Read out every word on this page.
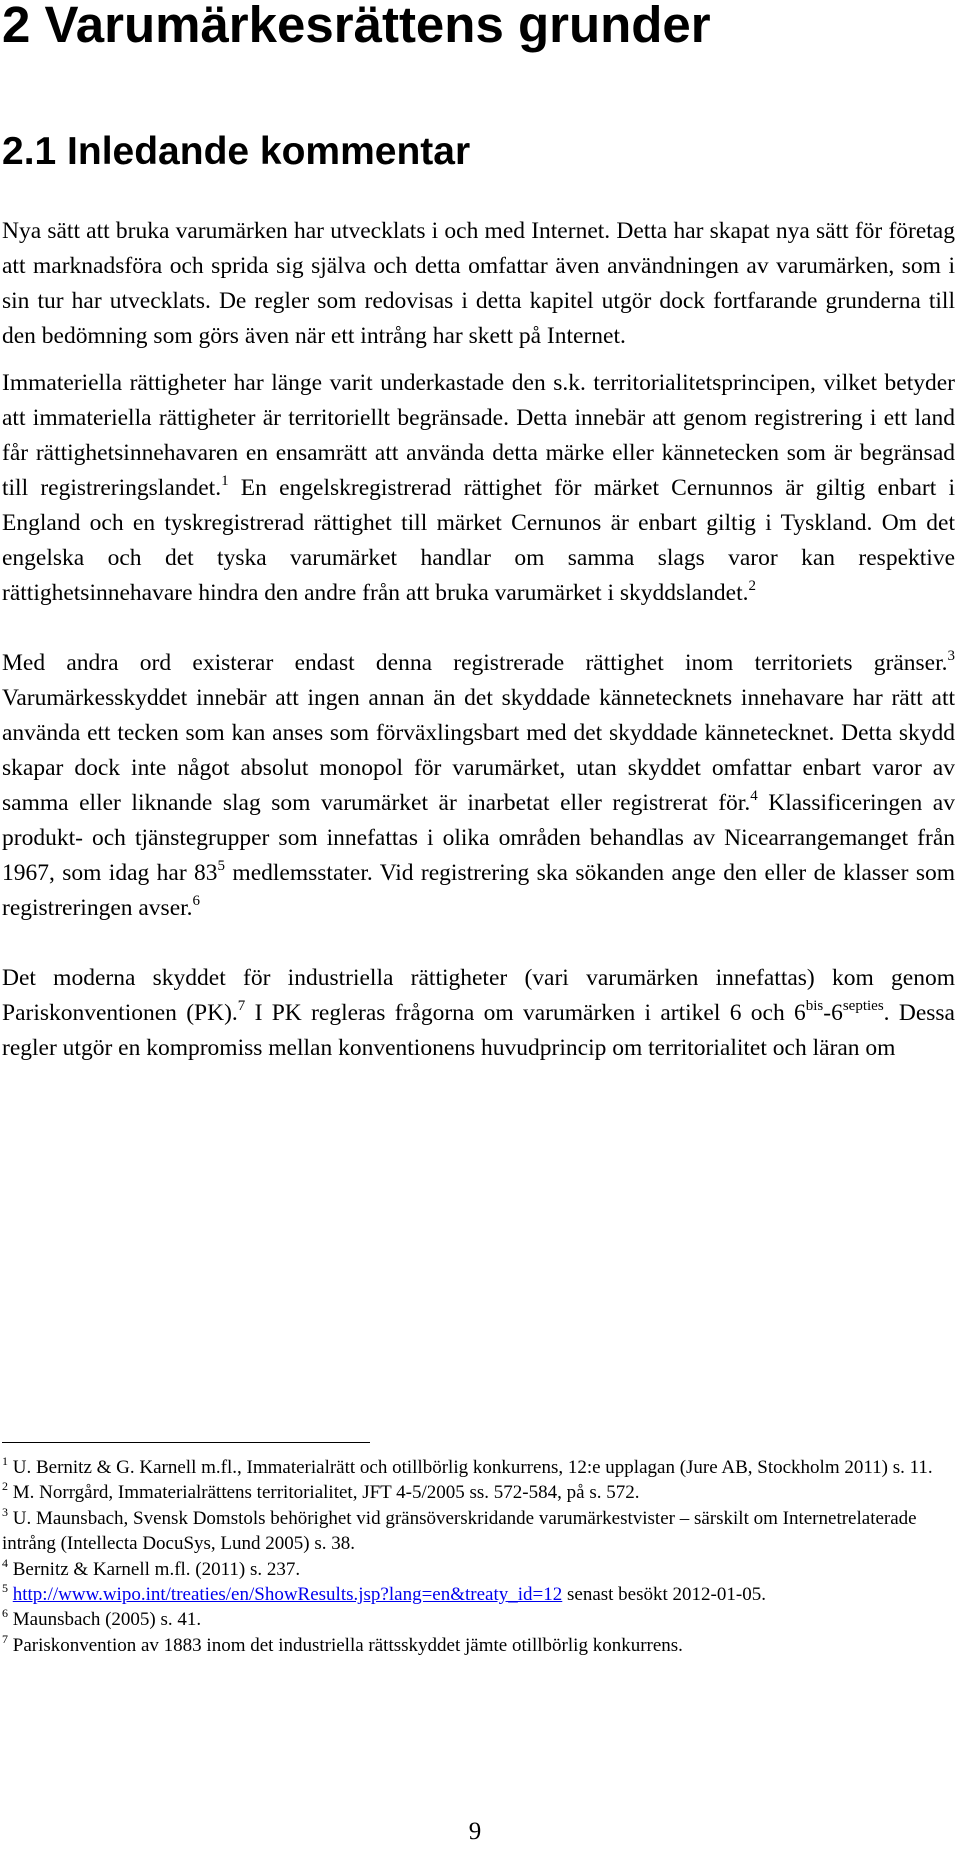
2 Varumärkesrättens grunder
2.1 Inledande kommentar

Nya sätt att bruka varumärken har utvecklats i och med Internet. Detta har skapat nya sätt för företag att marknadsföra och sprida sig själva och detta omfattar även användningen av varumärken, som i sin tur har utvecklats. De regler som redovisas i detta kapitel utgör dock fortfarande grunderna till den bedömning som görs även när ett intrång har skett på Internet.

Immateriella rättigheter har länge varit underkastade den s.k. territorialitetsprincipen, vilket betyder att immateriella rättigheter är territoriellt begränsade. Detta innebär att genom registrering i ett land får rättighetsinnehavaren en ensamrätt att använda detta märke eller kännetecken som är begränsad till registreringslandet.$^1$ En engelskregistrerad rättighet för märket Cernunnos är giltig enbart i England och en tyskregistrerad rättighet till märket Cernunos är enbart giltig i Tyskland. Om det engelska och det tyska varumärket handlar om samma slags varor kan respektive rättighetsinnehavare hindra den andre från att bruka varumärket i skyddslandet.$^2$

Med andra ord existerar endast denna registrerade rättighet inom territoriets gränser.$^3$ Varumärkesskyddet innebär att ingen annan än det skyddade kännetecknets innehavare har rätt att använda ett tecken som kan anses som förväxlingsbart med det skyddade kännetecknet. Detta skydd skapar dock inte något absolut monopol för varumärket, utan skyddet omfattar enbart varor av samma eller liknande slag som varumärket är inarbetat eller registrerat för.$^4$ Klassificeringen av produkt- och tjänstegrupper som innefattas i olika områden behandlas av Nicearrangemanget från 1967, som idag har $83^5$ medlemsstater. Vid registrering ska sökanden ange den eller de klasser som registreringen avser.$^6$

Det moderna skyddet för industriella rättigheter (vari varumärken innefattas) kom genom Pariskonventionen (PK).$^7$ I PK regleras frågorna om varumärken i artikel 6 och $6^{bis}-6^{septies}$. Dessa regler utgör en kompromiss mellan konventionens huvudprincip om territorialitet och läran om

$^1$ U. Bernitz & G. Karnell m.fl., Immaterialrätt och otillbörlig konkurrens, 12:e upplagan (Jure AB, Stockholm 2011) s. 11.
$^2$ M. Norrgård, Immaterialrättens territorialitet, JFT 4-5/2005 ss. 572-584, på s. 572.
$^3$ U. Maunsbach, Svensk Domstols behörighet vid gränsöverskridande varumärkestvister – särskilt om Internetrelaterade intrång (Intellecta DocuSys, Lund 2005) s. 38.
$^4$ Bernitz & Karnell m.fl. (2011) s. 237.
$^5$ http://www.wipo.int/treaties/en/ShowResults.jsp?lang=en&treaty_id=12 senast besökt 2012-01-05.
$^6$ Maunsbach (2005) s. 41.
$^7$ Pariskonvention av 1883 inom det industriella rättsskyddet jämte otillbörlig konkurrens.
9
